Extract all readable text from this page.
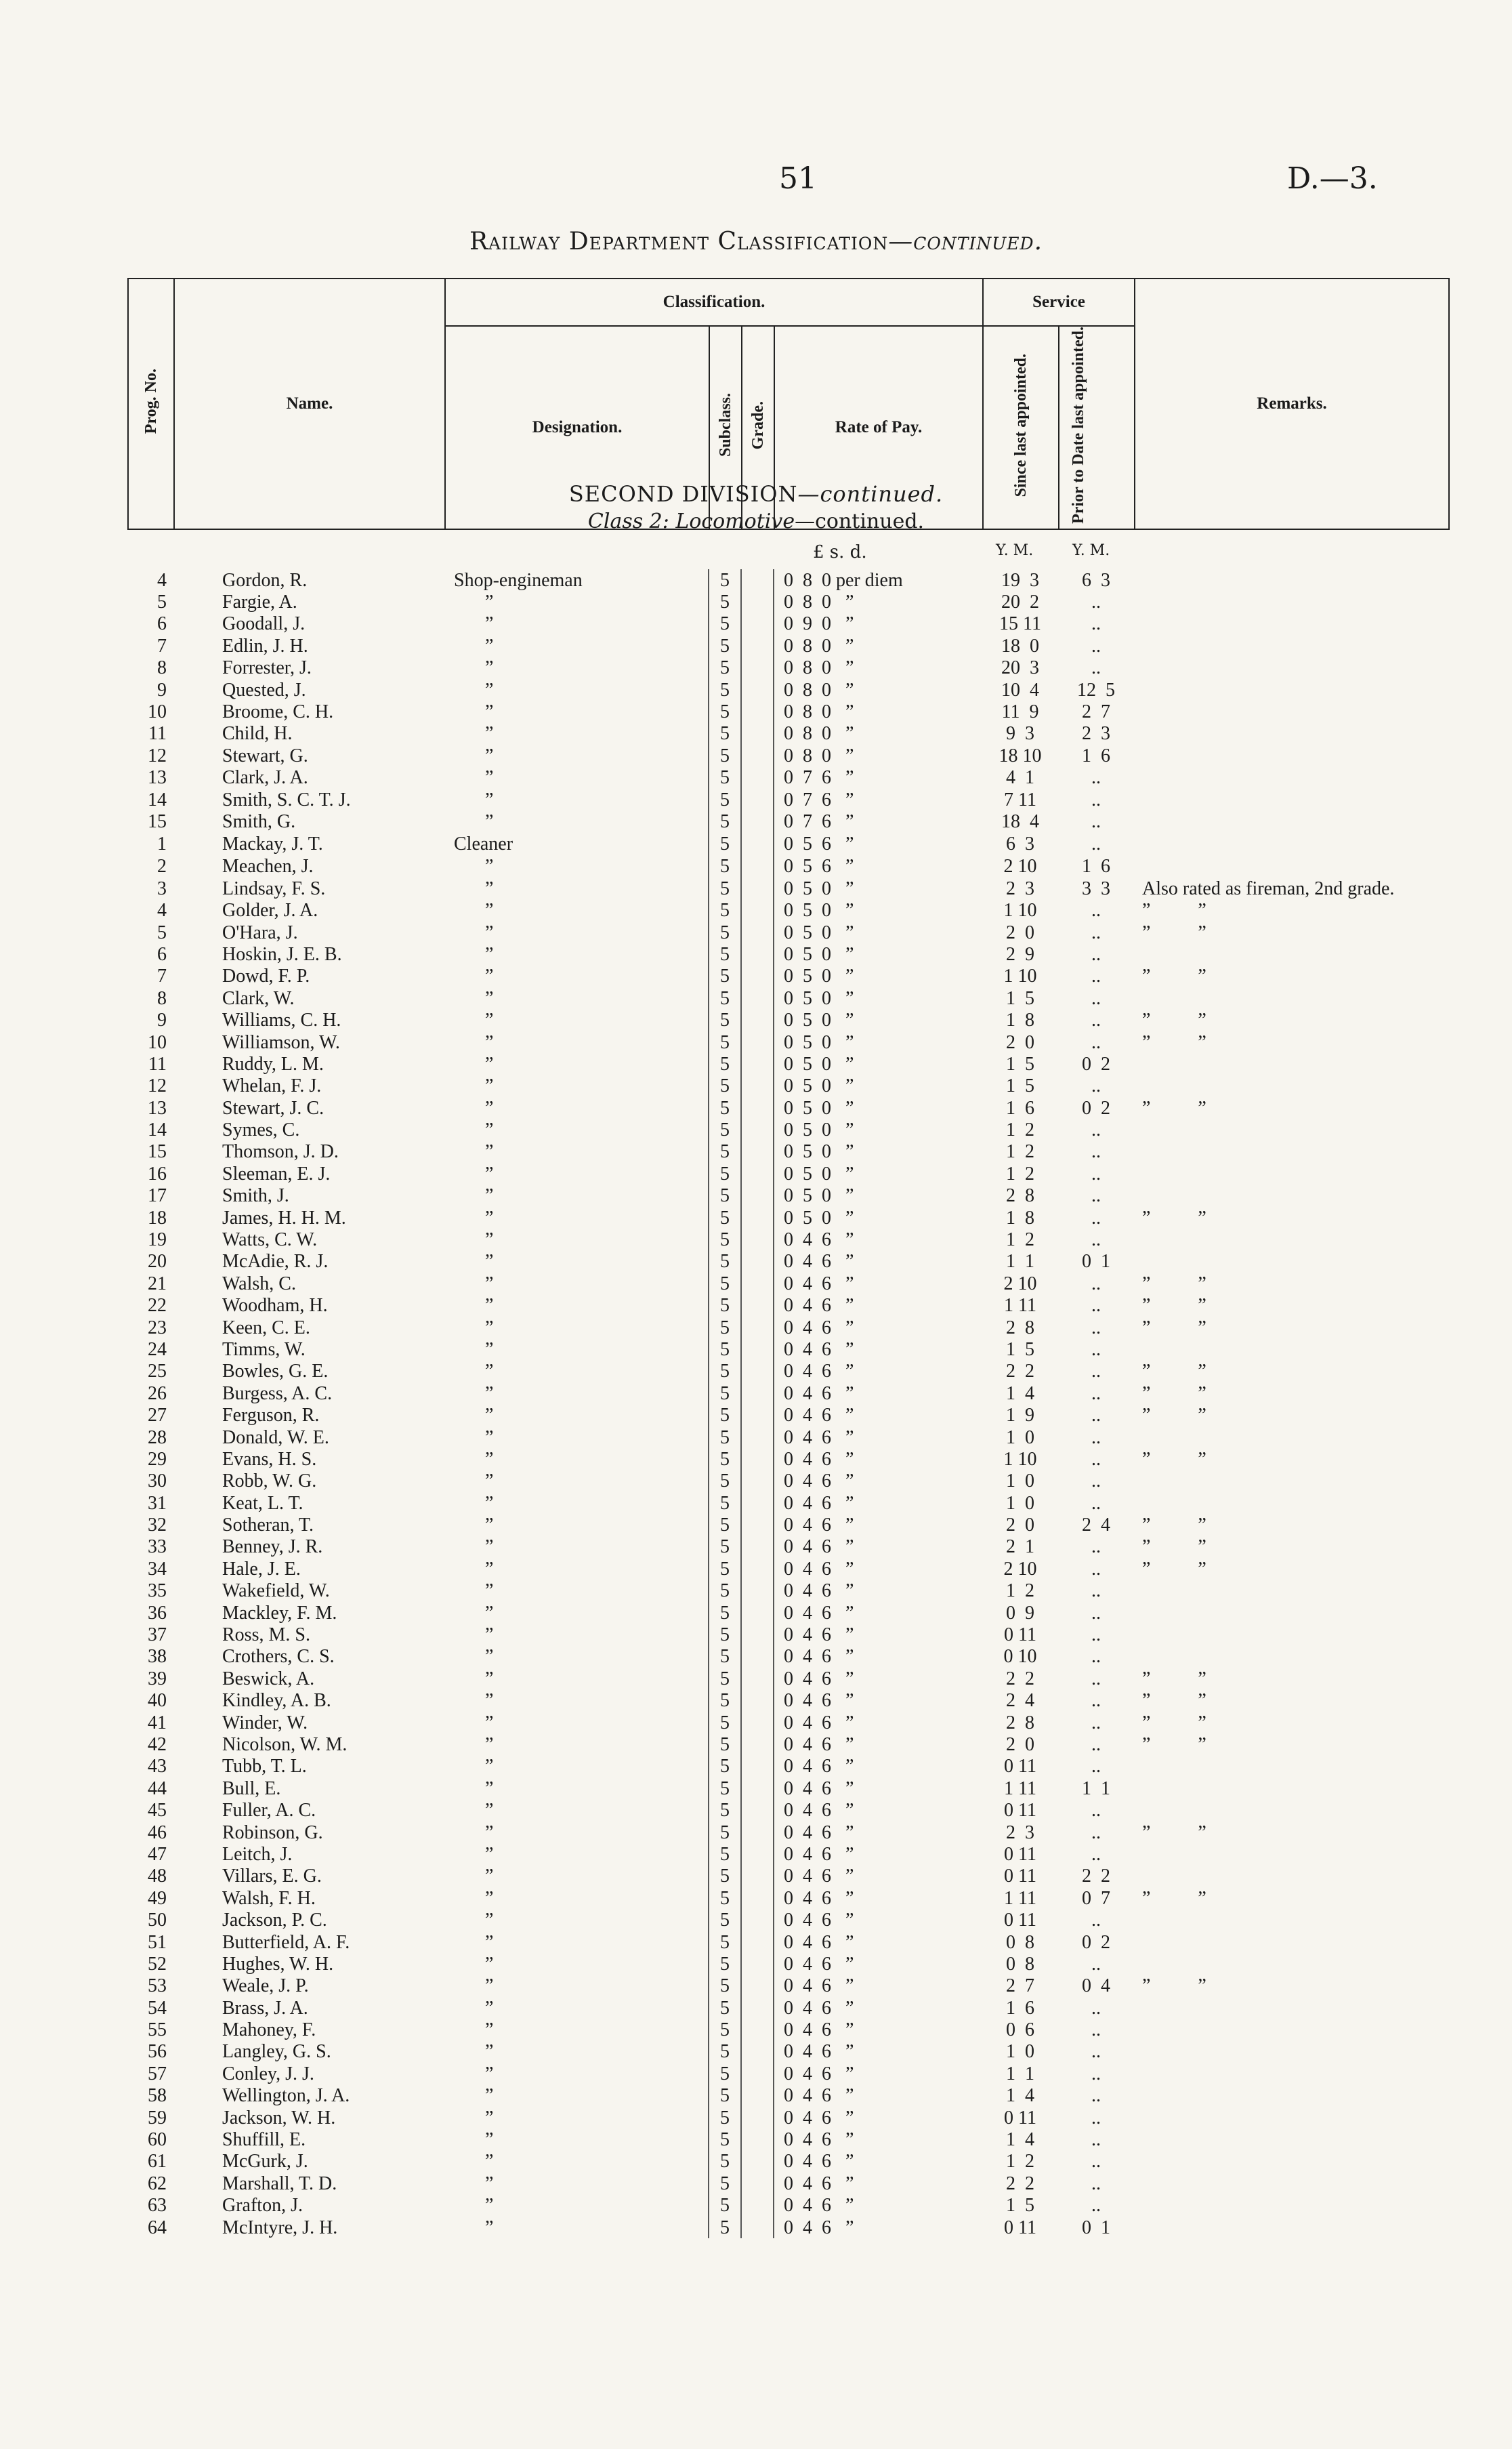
51	D.—3.
Railway Department Classification—continued.
Prog. No.	Name.	Classification.				Service		Remarks.
		Designation.	Subclass.	Grade.	Rate of Pay.	Since last appointed.	Prior to Date last appointed.	
SECOND DIVISION—continued.
Class 2: Locomotive—continued.
£ s. d.	Y. M.	Y. M.
4	Gordon, R.	Shop-engineman	5		0  8  0 per diem	19  3	6  3	
5	Fargie, A.	”	5		0  8  0   ”	20  2	..	
6	Goodall, J.	”	5		0  9  0   ”	15 11	..	
7	Edlin, J. H.	”	5		0  8  0   ”	18  0	..	
8	Forrester, J.	”	5		0  8  0   ”	20  3	..	
9	Quested, J.	”	5		0  8  0   ”	10  4	12  5	
10	Broome, C. H.	”	5		0  8  0   ”	11  9	2  7	
11	Child, H.	”	5		0  8  0   ”	9  3	2  3	
12	Stewart, G.	”	5		0  8  0   ”	18 10	1  6	
13	Clark, J. A.	”	5		0  7  6   ”	4  1	..	
14	Smith, S. C. T. J.	”	5		0  7  6   ”	7 11	..	
15	Smith, G.	”	5		0  7  6   ”	18  4	..	
1	Mackay, J. T.	Cleaner	5		0  5  6   ”	6  3	..	
2	Meachen, J.	”	5		0  5  6   ”	2 10	1  6	
3	Lindsay, F. S.	”	5		0  5  0   ”	2  3	3  3	Also rated as fireman, 2nd grade.
4	Golder, J. A.	”	5		0  5  0   ”	1 10	..	”          ”
5	O'Hara, J.	”	5		0  5  0   ”	2  0	..	”          ”
6	Hoskin, J. E. B.	”	5		0  5  0   ”	2  9	..	
7	Dowd, F. P.	”	5		0  5  0   ”	1 10	..	”          ”
8	Clark, W.	”	5		0  5  0   ”	1  5	..	
9	Williams, C. H.	”	5		0  5  0   ”	1  8	..	”          ”
10	Williamson, W.	”	5		0  5  0   ”	2  0	..	”          ”
11	Ruddy, L. M.	”	5		0  5  0   ”	1  5	0  2	
12	Whelan, F. J.	”	5		0  5  0   ”	1  5	..	
13	Stewart, J. C.	”	5		0  5  0   ”	1  6	0  2	”          ”
14	Symes, C.	”	5		0  5  0   ”	1  2	..	
15	Thomson, J. D.	”	5		0  5  0   ”	1  2	..	
16	Sleeman, E. J.	”	5		0  5  0   ”	1  2	..	
17	Smith, J.	”	5		0  5  0   ”	2  8	..	
18	James, H. H. M.	”	5		0  5  0   ”	1  8	..	”          ”
19	Watts, C. W.	”	5		0  4  6   ”	1  2	..	
20	McAdie, R. J.	”	5		0  4  6   ”	1  1	0  1	
21	Walsh, C.	”	5		0  4  6   ”	2 10	..	”          ”
22	Woodham, H.	”	5		0  4  6   ”	1 11	..	”          ”
23	Keen, C. E.	”	5		0  4  6   ”	2  8	..	”          ”
24	Timms, W.	”	5		0  4  6   ”	1  5	..	
25	Bowles, G. E.	”	5		0  4  6   ”	2  2	..	”          ”
26	Burgess, A. C.	”	5		0  4  6   ”	1  4	..	”          ”
27	Ferguson, R.	”	5		0  4  6   ”	1  9	..	”          ”
28	Donald, W. E.	”	5		0  4  6   ”	1  0	..	
29	Evans, H. S.	”	5		0  4  6   ”	1 10	..	”          ”
30	Robb, W. G.	”	5		0  4  6   ”	1  0	..	
31	Keat, L. T.	”	5		0  4  6   ”	1  0	..	
32	Sotheran, T.	”	5		0  4  6   ”	2  0	2  4	”          ”
33	Benney, J. R.	”	5		0  4  6   ”	2  1	..	”          ”
34	Hale, J. E.	”	5		0  4  6   ”	2 10	..	”          ”
35	Wakefield, W.	”	5		0  4  6   ”	1  2	..	
36	Mackley, F. M.	”	5		0  4  6   ”	0  9	..	
37	Ross, M. S.	”	5		0  4  6   ”	0 11	..	
38	Crothers, C. S.	”	5		0  4  6   ”	0 10	..	
39	Beswick, A.	”	5		0  4  6   ”	2  2	..	”          ”
40	Kindley, A. B.	”	5		0  4  6   ”	2  4	..	”          ”
41	Winder, W.	”	5		0  4  6   ”	2  8	..	”          ”
42	Nicolson, W. M.	”	5		0  4  6   ”	2  0	..	”          ”
43	Tubb, T. L.	”	5		0  4  6   ”	0 11	..	
44	Bull, E.	”	5		0  4  6   ”	1 11	1  1	
45	Fuller, A. C.	”	5		0  4  6   ”	0 11	..	
46	Robinson, G.	”	5		0  4  6   ”	2  3	..	”          ”
47	Leitch, J.	”	5		0  4  6   ”	0 11	..	
48	Villars, E. G.	”	5		0  4  6   ”	0 11	2  2	
49	Walsh, F. H.	”	5		0  4  6   ”	1 11	0  7	”          ”
50	Jackson, P. C.	”	5		0  4  6   ”	0 11	..	
51	Butterfield, A. F.	”	5		0  4  6   ”	0  8	0  2	
52	Hughes, W. H.	”	5		0  4  6   ”	0  8	..	
53	Weale, J. P.	”	5		0  4  6   ”	2  7	0  4	”          ”
54	Brass, J. A.	”	5		0  4  6   ”	1  6	..	
55	Mahoney, F.	”	5		0  4  6   ”	0  6	..	
56	Langley, G. S.	”	5		0  4  6   ”	1  0	..	
57	Conley, J. J.	”	5		0  4  6   ”	1  1	..	
58	Wellington, J. A.	”	5		0  4  6   ”	1  4	..	
59	Jackson, W. H.	”	5		0  4  6   ”	0 11	..	
60	Shuffill, E.	”	5		0  4  6   ”	1  4	..	
61	McGurk, J.	”	5		0  4  6   ”	1  2	..	
62	Marshall, T. D.	”	5		0  4  6   ”	2  2	..	
63	Grafton, J.	”	5		0  4  6   ”	1  5	..	
64	McIntyre, J. H.	”	5		0  4  6   ”	0 11	0  1	
